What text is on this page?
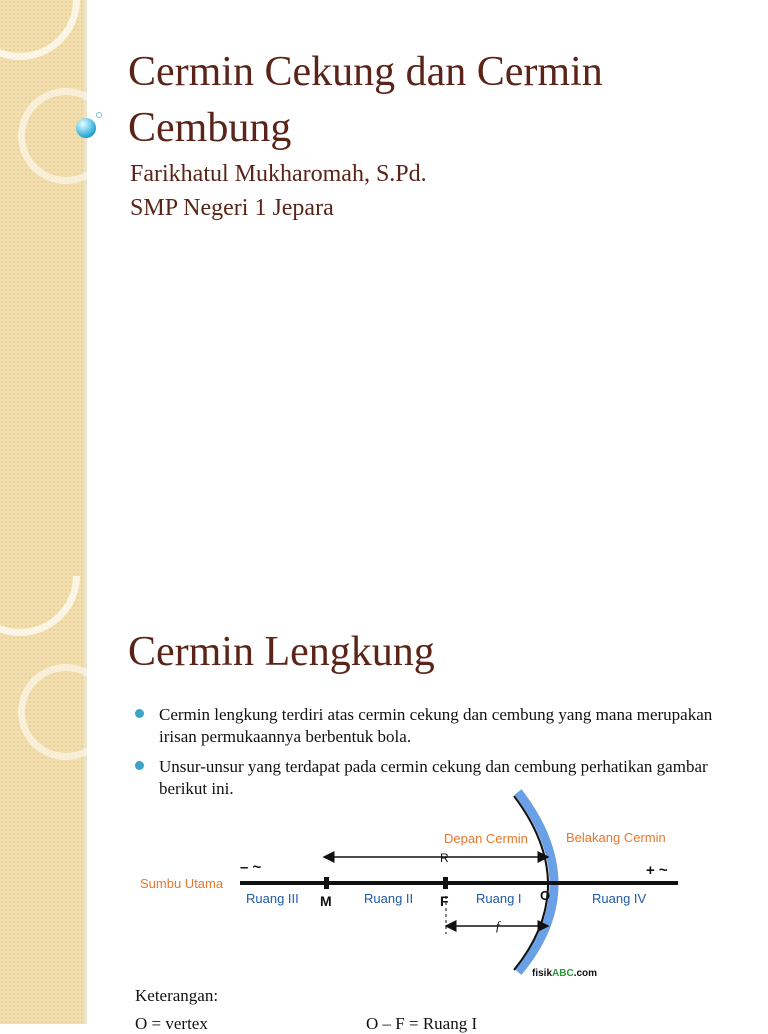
Cermin Cekung dan Cermin Cembung
Farikhatul Mukharomah, S.Pd.
SMP Negeri 1 Jepara
Cermin Lengkung
Cermin lengkung terdiri atas cermin cekung dan cembung yang mana merupakan irisan permukaannya berbentuk bola.
Unsur-unsur yang terdapat pada cermin cekung dan cembung perhatikan gambar berikut ini.
Depan Cermin	Belakang Cermin
Sumbu Utama
– ~	+ ~
R
f
M	F	O
Ruang III	Ruang II	Ruang I	Ruang IV
fisikABC.com
Keterangan:
O = vertex	O – F = Ruang I
